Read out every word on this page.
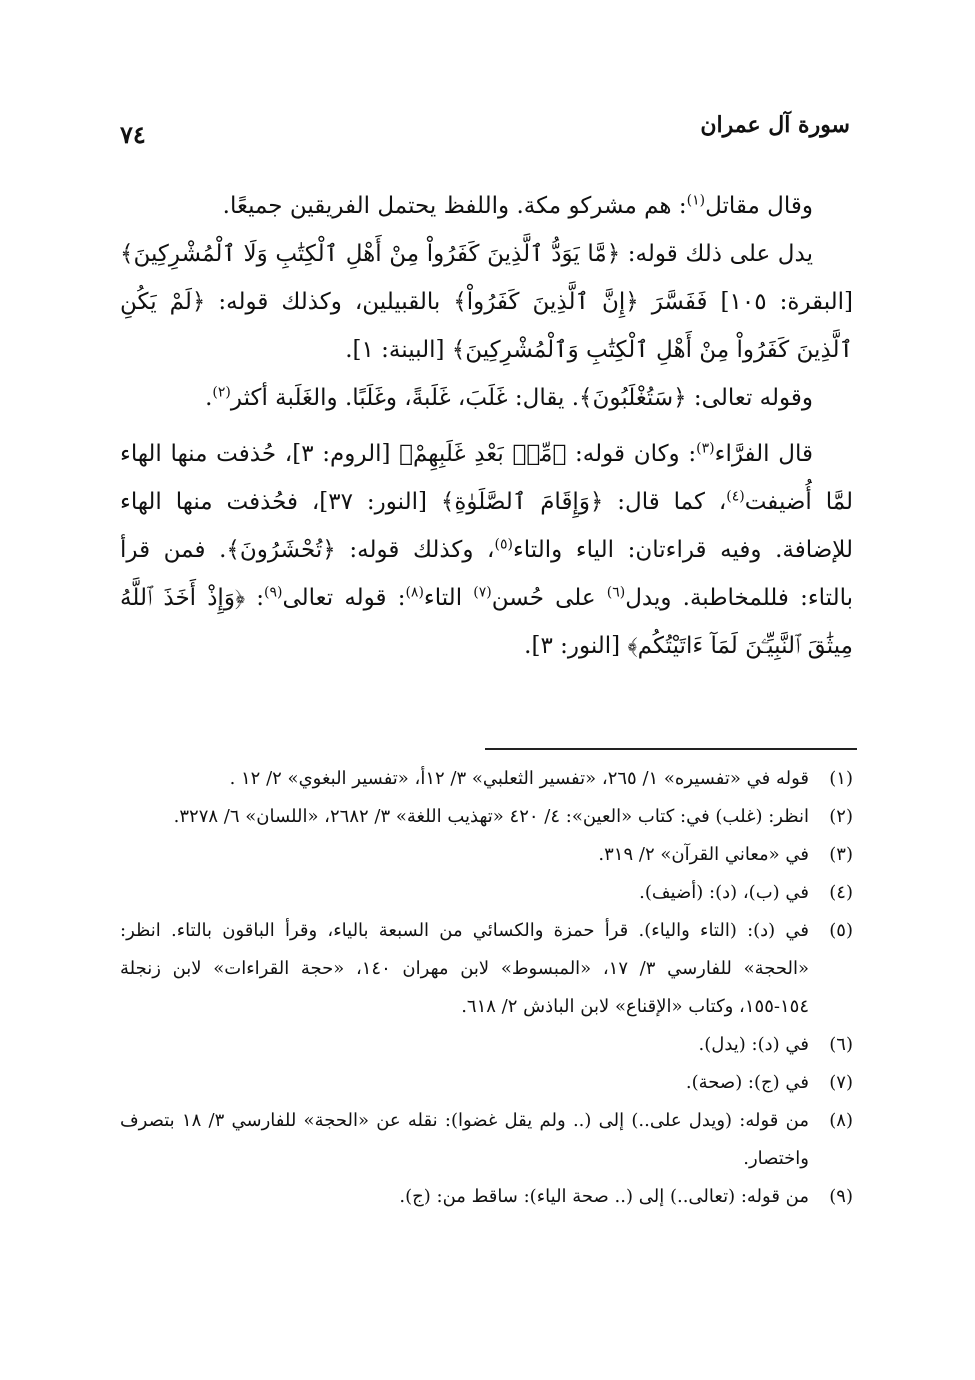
سورة آل عمران
٧٤

وقال مقاتل$^{(١)}$: هم مشركو مكة. واللفظ يحتمل الفريقين جميعًا.

يدل على ذلك قوله: ﴿مَّا يَوَدُّ ٱلَّذِينَ كَفَرُواْ مِنْ أَهْلِ ٱلْكِتَٰبِ وَلَا ٱلْمُشْرِكِينَ﴾ [البقرة: ١٠٥] فَفَسَّرَ ﴿إِنَّ ٱلَّذِينَ كَفَرُواْ﴾ بالقبيلين، وكذلك قوله: ﴿لَمْ يَكُنِ ٱلَّذِينَ كَفَرُواْ مِنْ أَهْلِ ٱلْكِتَٰبِ وَٱلْمُشْرِكِينَ﴾ [البينة: ١].

وقوله تعالى: ﴿سَتُغْلَبُونَ﴾. يقال: غَلَبَ، غَلَبةً، وغَلَبًا. والغَلَبة أكثر$^{(٢)}$.

قال الفرَّاء$^{(٣)}$: وكان قوله: ﴿مِّنۢ بَعْدِ غَلَبِهِمْ﴾ [الروم: ٣]، حُذفت منها الهاء لمَّا أُضيفت$^{(٤)}$، كما قال: ﴿وَإِقَامَ ٱلصَّلَوٰةِ﴾ [النور: ٣٧]، فحُذفت منها الهاء للإضافة. وفيه قراءتان: الياء والتاء$^{(٥)}$، وكذلك قوله: ﴿تُحْشَرُونَ﴾. فمن قرأ بالتاء: فللمخاطبة. ويدل$^{(٦)}$ على حُسن$^{(٧)}$ التاء$^{(٨)}$: قوله تعالى$^{(٩)}$: ﴿وَإِذْ أَخَذَ ٱللَّهُ مِيثَٰقَ ٱلنَّبِيِّـۧنَ لَمَآ ءَاتَيْتُكُم﴾ [النور: ٣].

(١)
قوله في «تفسيره» ١/ ٢٦٥، «تفسير الثعلبي» ٣/ ١٢أ، «تفسير البغوي» ٢/ ١٢ .
(٢)
انظر: (غلب) في: كتاب «العين»: ٤/ ٤٢٠ «تهذيب اللغة» ٣/ ٢٦٨٢، «اللسان» ٦/ ٣٢٧٨.
(٣)
في «معاني القرآن» ٢/ ٣١٩.
(٤)
في (ب)، (د): (أضيف).
(٥)
في (د): (التاء والياء). قرأ حمزة والكسائي من السبعة بالياء، وقرأ الباقون بالتاء. انظر: «الحجة» للفارسي ٣/ ١٧، «المبسوط» لابن مهران ١٤٠، «حجة القراءات» لابن زنجلة ١٥٤-١٥٥، وكتاب «الإقناع» لابن الباذش ٢/ ٦١٨.
(٦)
في (د): (يدل).
(٧)
في (ج): (صحة).
(٨)
من قوله: (ويدل على..) إلى (.. ولم يقل غضوا): نقله عن «الحجة» للفارسي ٣/ ١٨ بتصرف واختصار.
(٩)
من قوله: (تعالى..) إلى (.. صحة الياء): ساقط من: (ج).
